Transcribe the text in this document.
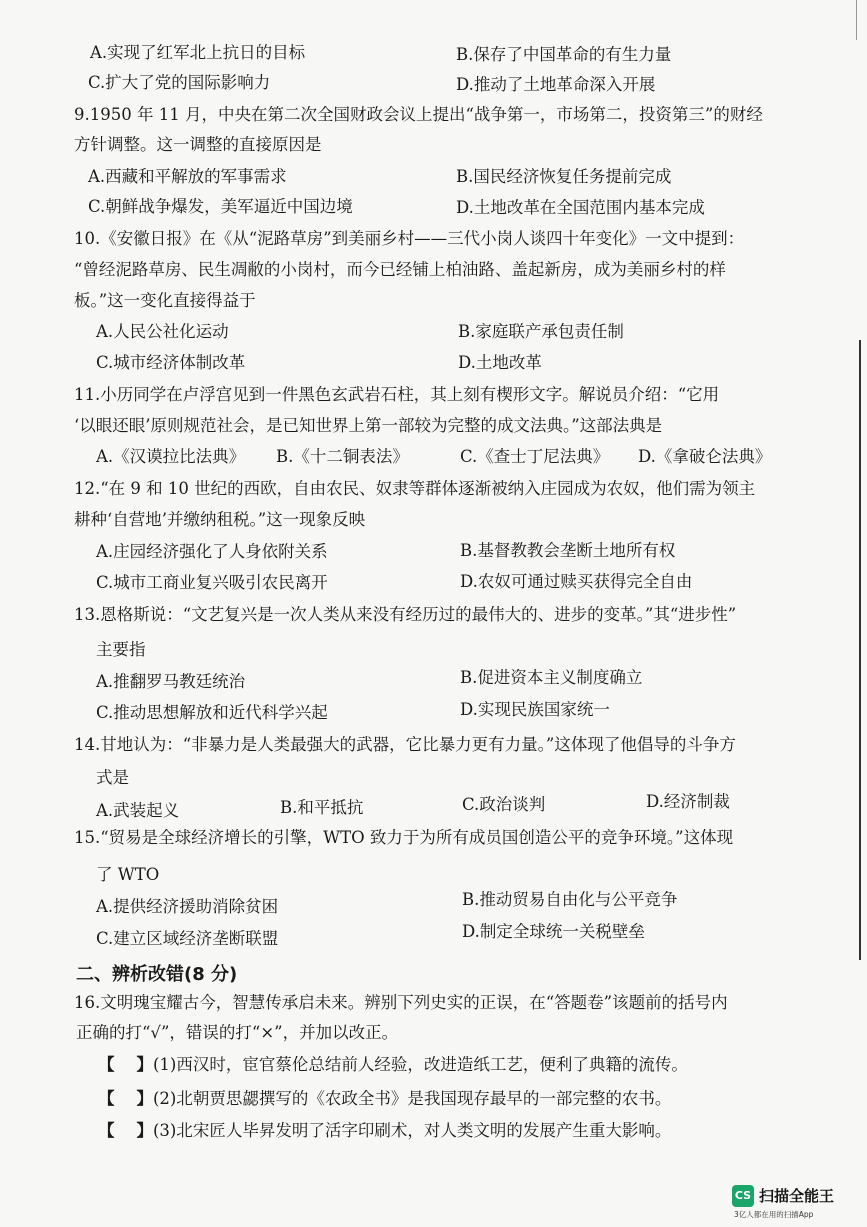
A.实现了红军北上抗日的目标	B.保存了中国革命的有生力量
C.扩大了党的国际影响力	D.推动了土地革命深入开展
9.1950 年 11 月，中央在第二次全国财政会议上提出“战争第一，市场第二，投资第三”的财经
方针调整。这一调整的直接原因是
A.西藏和平解放的军事需求	B.国民经济恢复任务提前完成
C.朝鲜战争爆发，美军逼近中国边境	D.土地改革在全国范围内基本完成
10.《安徽日报》在《从“泥路草房”到美丽乡村——三代小岗人谈四十年变化》一文中提到：
“曾经泥路草房、民生凋敝的小岗村，而今已经铺上柏油路、盖起新房，成为美丽乡村的样
板。”这一变化直接得益于
A.人民公社化运动	B.家庭联产承包责任制
C.城市经济体制改革	D.土地改革
11.小历同学在卢浮宫见到一件黑色玄武岩石柱，其上刻有楔形文字。解说员介绍：“它用
‘以眼还眼’原则规范社会，是已知世界上第一部较为完整的成文法典。”这部法典是
A.《汉谟拉比法典》 B.《十二铜表法》	C.《查士丁尼法典》 D.《拿破仑法典》
12.“在 9 和 10 世纪的西欧，自由农民、奴隶等群体逐渐被纳入庄园成为农奴，他们需为领主
耕种‘自营地’并缴纳租税。”这一现象反映
A.庄园经济强化了人身依附关系	B.基督教教会垄断土地所有权
C.城市工商业复兴吸引农民离开	D.农奴可通过赎买获得完全自由
13.恩格斯说：“文艺复兴是一次人类从来没有经历过的最伟大的、进步的变革。”其“进步性”
主要指
A.推翻罗马教廷统治	B.促进资本主义制度确立
C.推动思想解放和近代科学兴起	D.实现民族国家统一
14.甘地认为：“非暴力是人类最强大的武器，它比暴力更有力量。”这体现了他倡导的斗争方
式是
A.武装起义	B.和平抵抗	C.政治谈判	D.经济制裁
15.“贸易是全球经济增长的引擎，WTO 致力于为所有成员国创造公平的竞争环境。”这体现
了 WTO
A.提供经济援助消除贫困	B.推动贸易自由化与公平竞争
C.建立区域经济垄断联盟	D.制定全球统一关税壁垒
二、辨析改错(8 分)
16.文明瑰宝耀古今，智慧传承启未来。辨别下列史实的正误，在“答题卷”该题前的括号内
正确的打“√”，错误的打“×”，并加以改正。
【 】(1)西汉时，宦官蔡伦总结前人经验，改进造纸工艺，便利了典籍的流传。
【 】(2)北朝贾思勰撰写的《农政全书》是我国现存最早的一部完整的农书。
【 】(3)北宋匠人毕昇发明了活字印刷术，对人类文明的发展产生重大影响。
CS 扫描全能王
3亿人都在用的扫描App
